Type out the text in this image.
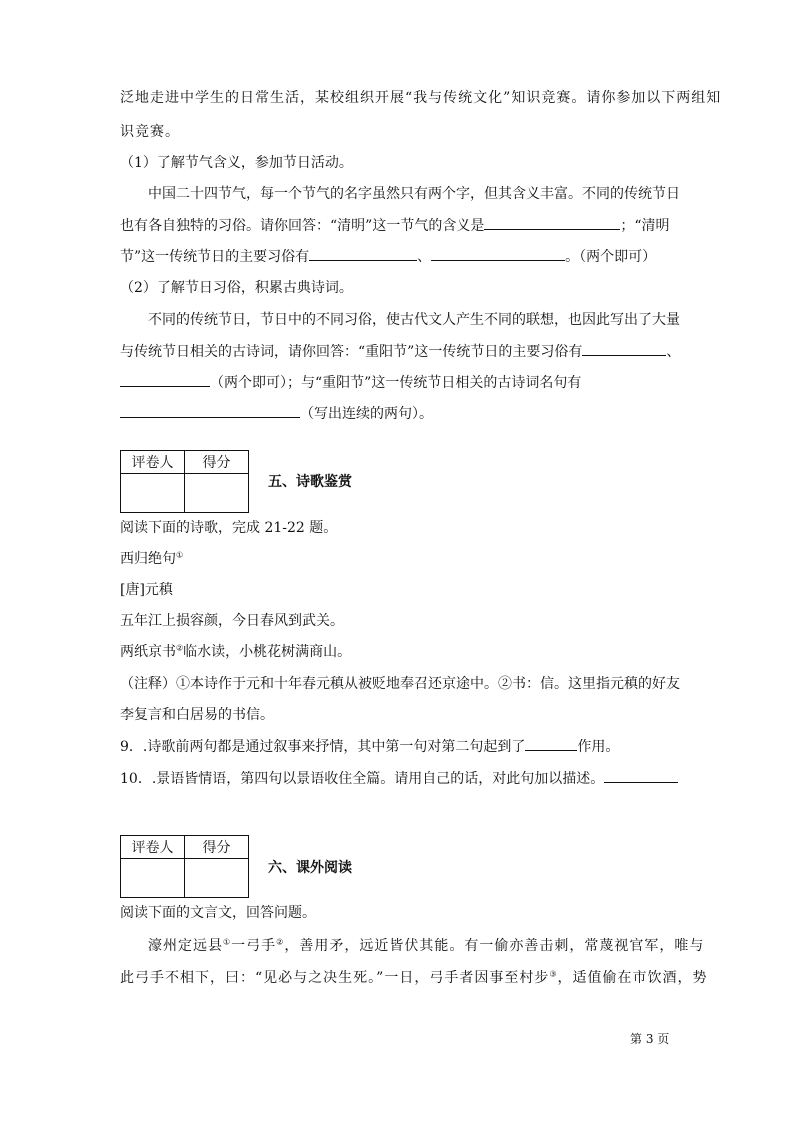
泛地走进中学生的日常生活，某校组织开展“我与传统文化”知识竞赛。请你参加以下两组知
识竞赛。
（1）了解节气含义，参加节日活动。
中国二十四节气，每一个节气的名字虽然只有两个字，但其含义丰富。不同的传统节日
也有各自独特的习俗。请你回答：“清明”这一节气的含义是	；“清明
节”这一传统节日的主要习俗有	、	。（两个即可）
（2）了解节日习俗，积累古典诗词。
不同的传统节日，节日中的不同习俗，使古代文人产生不同的联想，也因此写出了大量
与传统节日相关的古诗词，请你回答：“重阳节”这一传统节日的主要习俗有	、
（两个即可）；与“重阳节”这一传统节日相关的古诗词名句有
（写出连续的两句）。
评卷人	得分

五、诗歌鉴赏
阅读下面的诗歌，完成 21-22 题。
西归绝句①
[唐]元稹
五年江上损容颜，今日春风到武关。
两纸京书②临水读，小桃花树满商山。
（注释）①本诗作于元和十年春元稹从被贬地奉召还京途中。②书：信。这里指元稹的好友
李复言和白居易的书信。
9．.诗歌前两句都是通过叙事来抒情，其中第一句对第二句起到了	作用。
10．.景语皆情语，第四句以景语收住全篇。请用自己的话，对此句加以描述。
评卷人	得分

六、课外阅读
阅读下面的文言文，回答问题。
濠州定远县①一弓手②，善用矛，远近皆伏其能。有一偷亦善击刺，常蔑视官军，唯与
此弓手不相下，曰：“见必与之决生死。”一日，弓手者因事至村步③，适值偷在市饮酒，势
第 3 页
